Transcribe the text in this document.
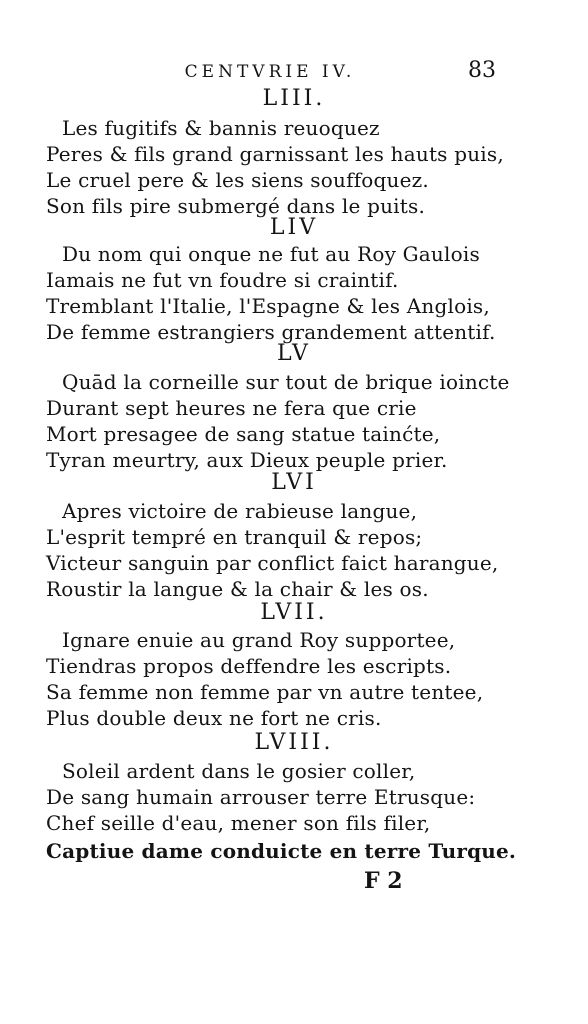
CENTVRIE IV.	83
LIII.
Les fugitifs & bannis reuoquez
Peres & fils grand garnissant les hauts puis,
Le cruel pere & les siens souffoquez.
Son fils pire submergé dans le puits.
LIV
Du nom qui onque ne fut au Roy Gaulois
Iamais ne fut vn foudre si craintif.
Tremblant l'Italie, l'Espagne & les Anglois,
De femme estrangiers grandement attentif.
LV
Quād la corneille sur tout de brique ioincte
Durant sept heures ne fera que crie
Mort presagee de sang statue tainćte,
Tyran meurtry, aux Dieux peuple prier.
LVI
Apres victoire de rabieuse langue,
L'esprit tempré en tranquil & repos;
Victeur sanguin par conflict faict harangue,
Roustir la langue & la chair & les os.
LVII.
Ignare enuie au grand Roy supportee,
Tiendras propos deffendre les escripts.
Sa femme non femme par vn autre tentee,
Plus double deux ne fort ne cris.
LVIII.
Soleil ardent dans le gosier coller,
De sang humain arrouser terre Etrusque:
Chef seille d'eau, mener son fils filer,
Captiue dame conduicte en terre Turque.
F 2
